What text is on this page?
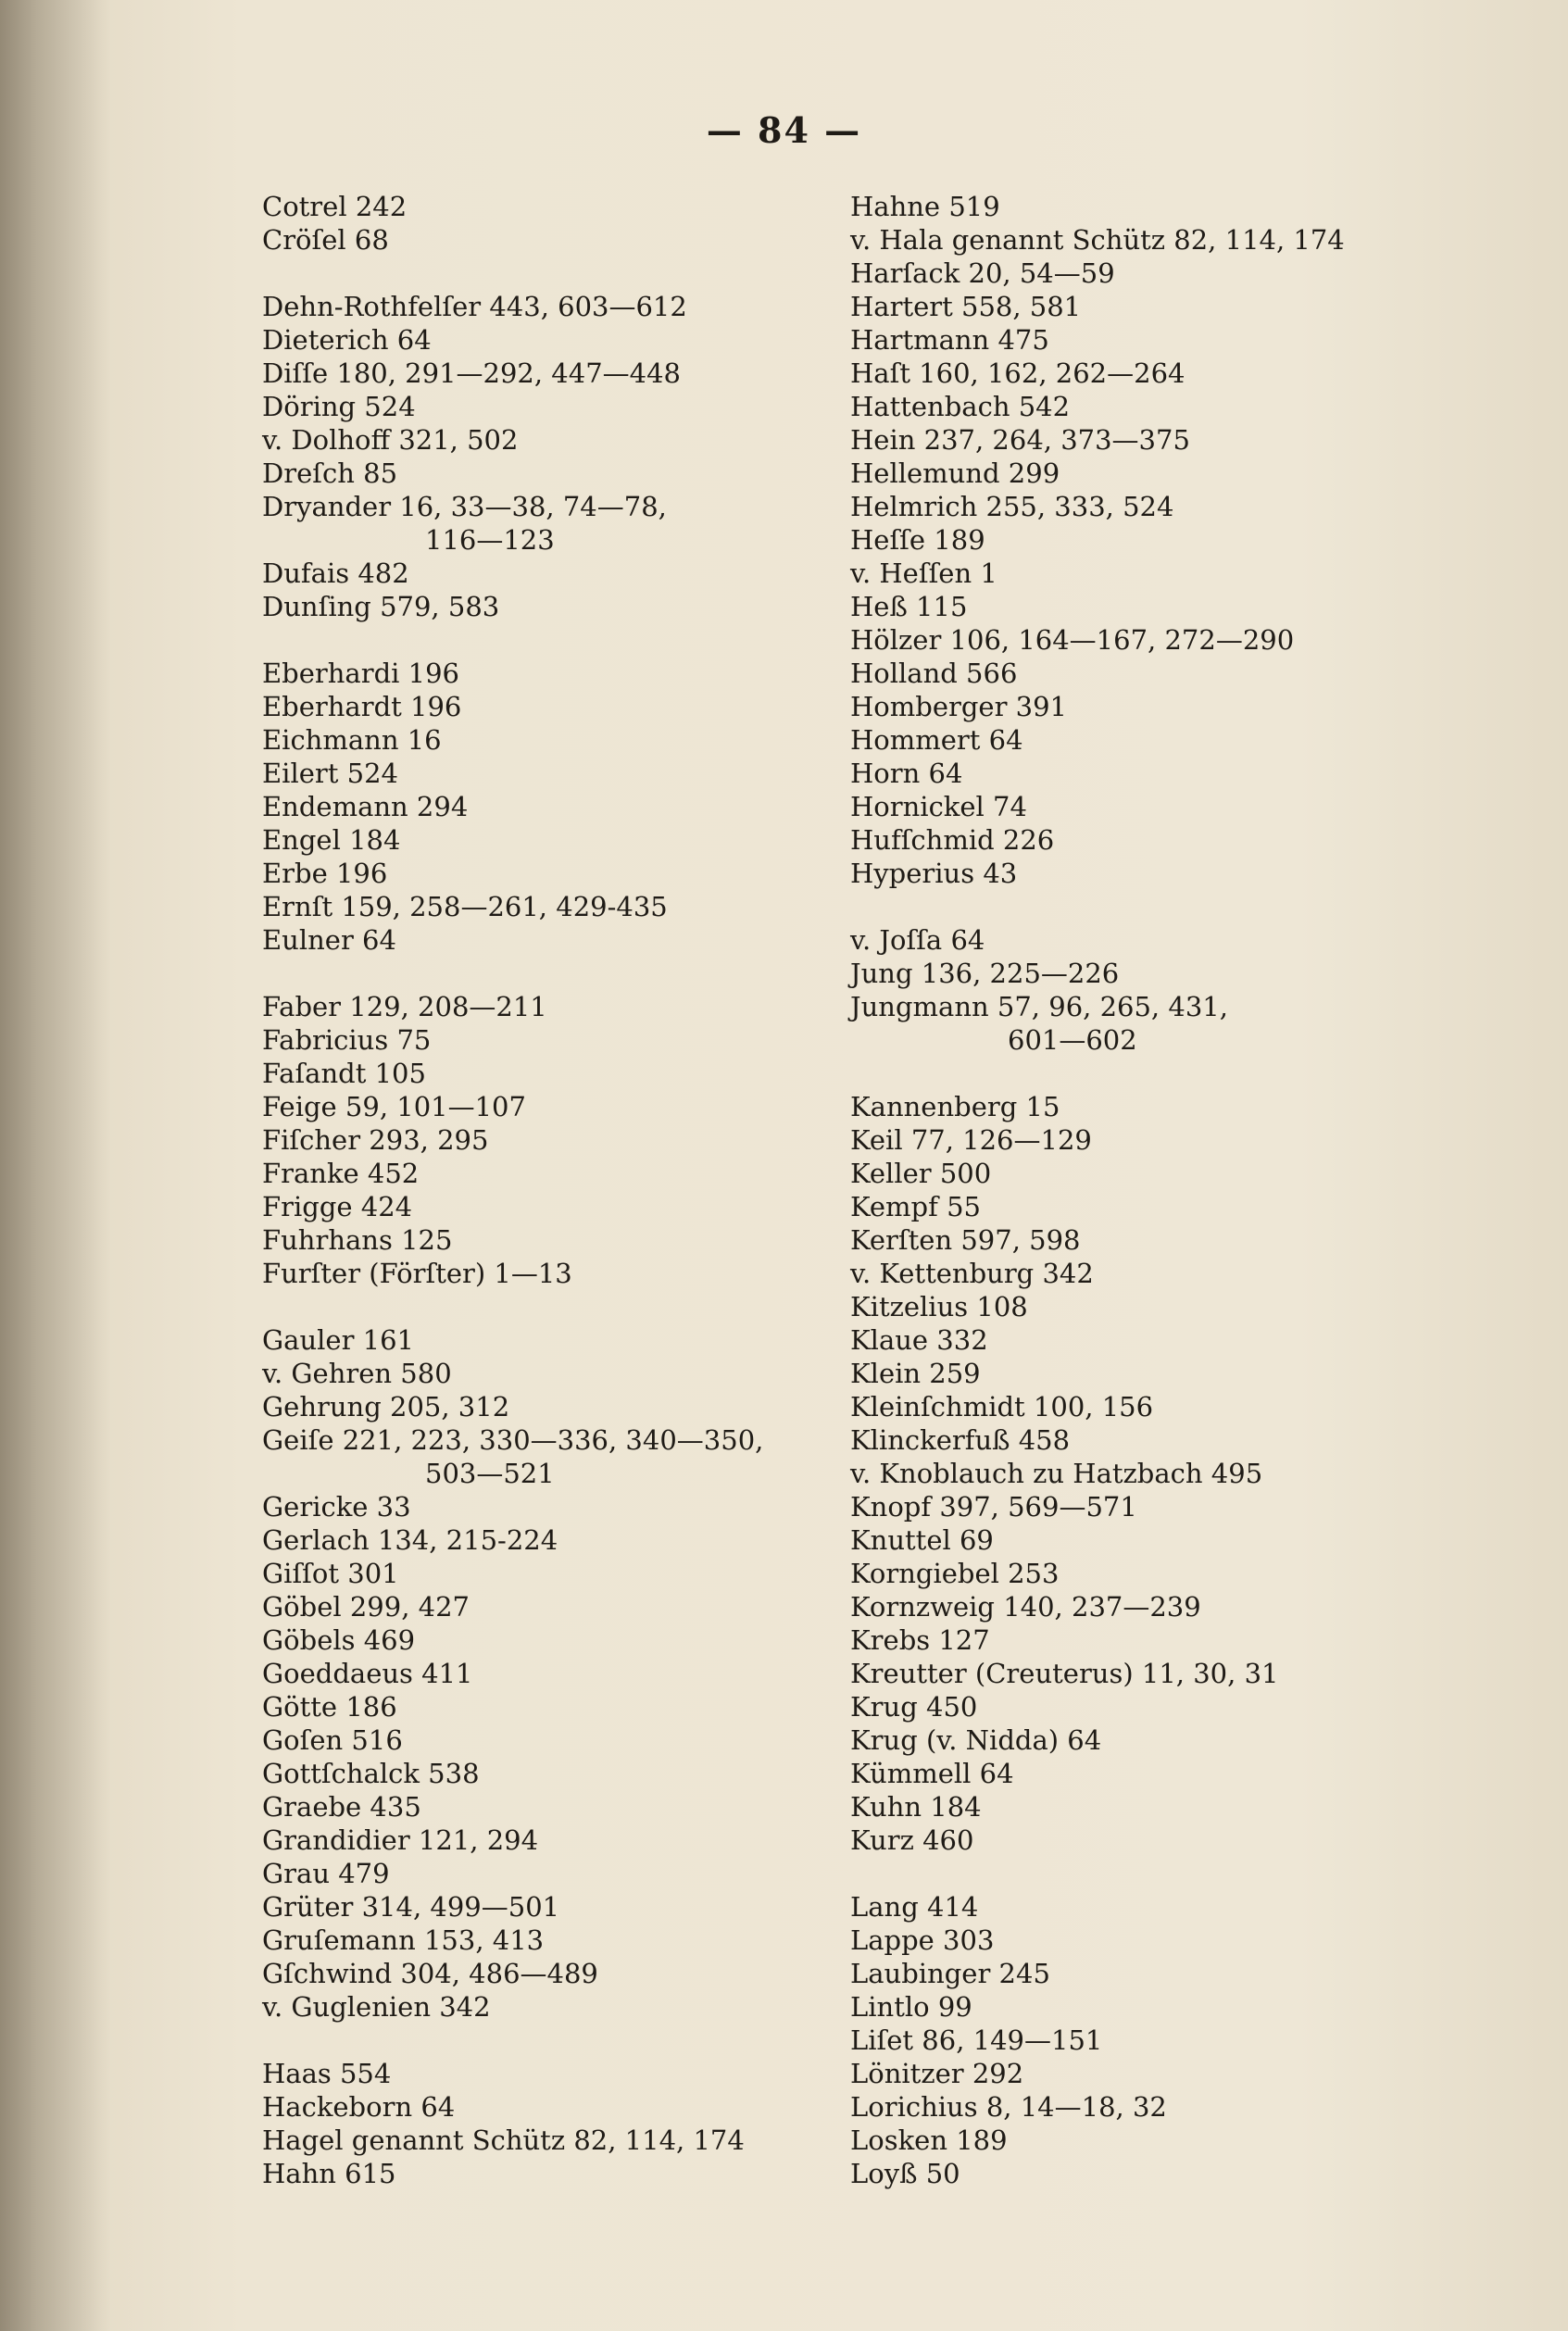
— 84 —
Cotrel 242
Cröſel 68
Dehn-Rothfelſer 443, 603—612
Dieterich 64
Diſſe 180, 291—292, 447—448
Döring 524
v. Dolhoff 321, 502
Dreſch 85
Dryander 16, 33—38, 74—78,
116—123
Dufais 482
Dunſing 579, 583
Eberhardi 196
Eberhardt 196
Eichmann 16
Eilert 524
Endemann 294
Engel 184
Erbe 196
Ernſt 159, 258—261, 429-435
Eulner 64
Faber 129, 208—211
Fabricius 75
Faſandt 105
Feige 59, 101—107
Fiſcher 293, 295
Franke 452
Frigge 424
Fuhrhans 125
Furſter (Förſter) 1—13
Gauler 161
v. Gehren 580
Gehrung 205, 312
Geiſe 221, 223, 330—336, 340—350,
503—521
Gericke 33
Gerlach 134, 215-224
Giſſot 301
Göbel 299, 427
Göbels 469
Goeddaeus 411
Götte 186
Goſen 516
Gottſchalck 538
Graebe 435
Grandidier 121, 294
Grau 479
Grüter 314, 499—501
Gruſemann 153, 413
Gſchwind 304, 486—489
v. Guglenien 342
Haas 554
Hackeborn 64
Hagel genannt Schütz 82, 114, 174
Hahn 615
Hahne 519
v. Hala genannt Schütz 82, 114, 174
Harſack 20, 54—59
Hartert 558, 581
Hartmann 475
Haſt 160, 162, 262—264
Hattenbach 542
Hein 237, 264, 373—375
Hellemund 299
Helmrich 255, 333, 524
Heſſe 189
v. Heſſen 1
Heß 115
Hölzer 106, 164—167, 272—290
Holland 566
Homberger 391
Hommert 64
Horn 64
Hornickel 74
Hufſchmid 226
Hyperius 43
v. Joſſa 64
Jung 136, 225—226
Jungmann 57, 96, 265, 431,
601—602
Kannenberg 15
Keil 77, 126—129
Keller 500
Kempf 55
Kerſten 597, 598
v. Kettenburg 342
Kitzelius 108
Klaue 332
Klein 259
Kleinſchmidt 100, 156
Klinckerfuß 458
v. Knoblauch zu Hatzbach 495
Knopf 397, 569—571
Knuttel 69
Korngiebel 253
Kornzweig 140, 237—239
Krebs 127
Kreutter (Creuterus) 11, 30, 31
Krug 450
Krug (v. Nidda) 64
Kümmell 64
Kuhn 184
Kurz 460
Lang 414
Lappe 303
Laubinger 245
Lintlo 99
Liſet 86, 149—151
Lönitzer 292
Lorichius 8, 14—18, 32
Losken 189
Loyß 50
